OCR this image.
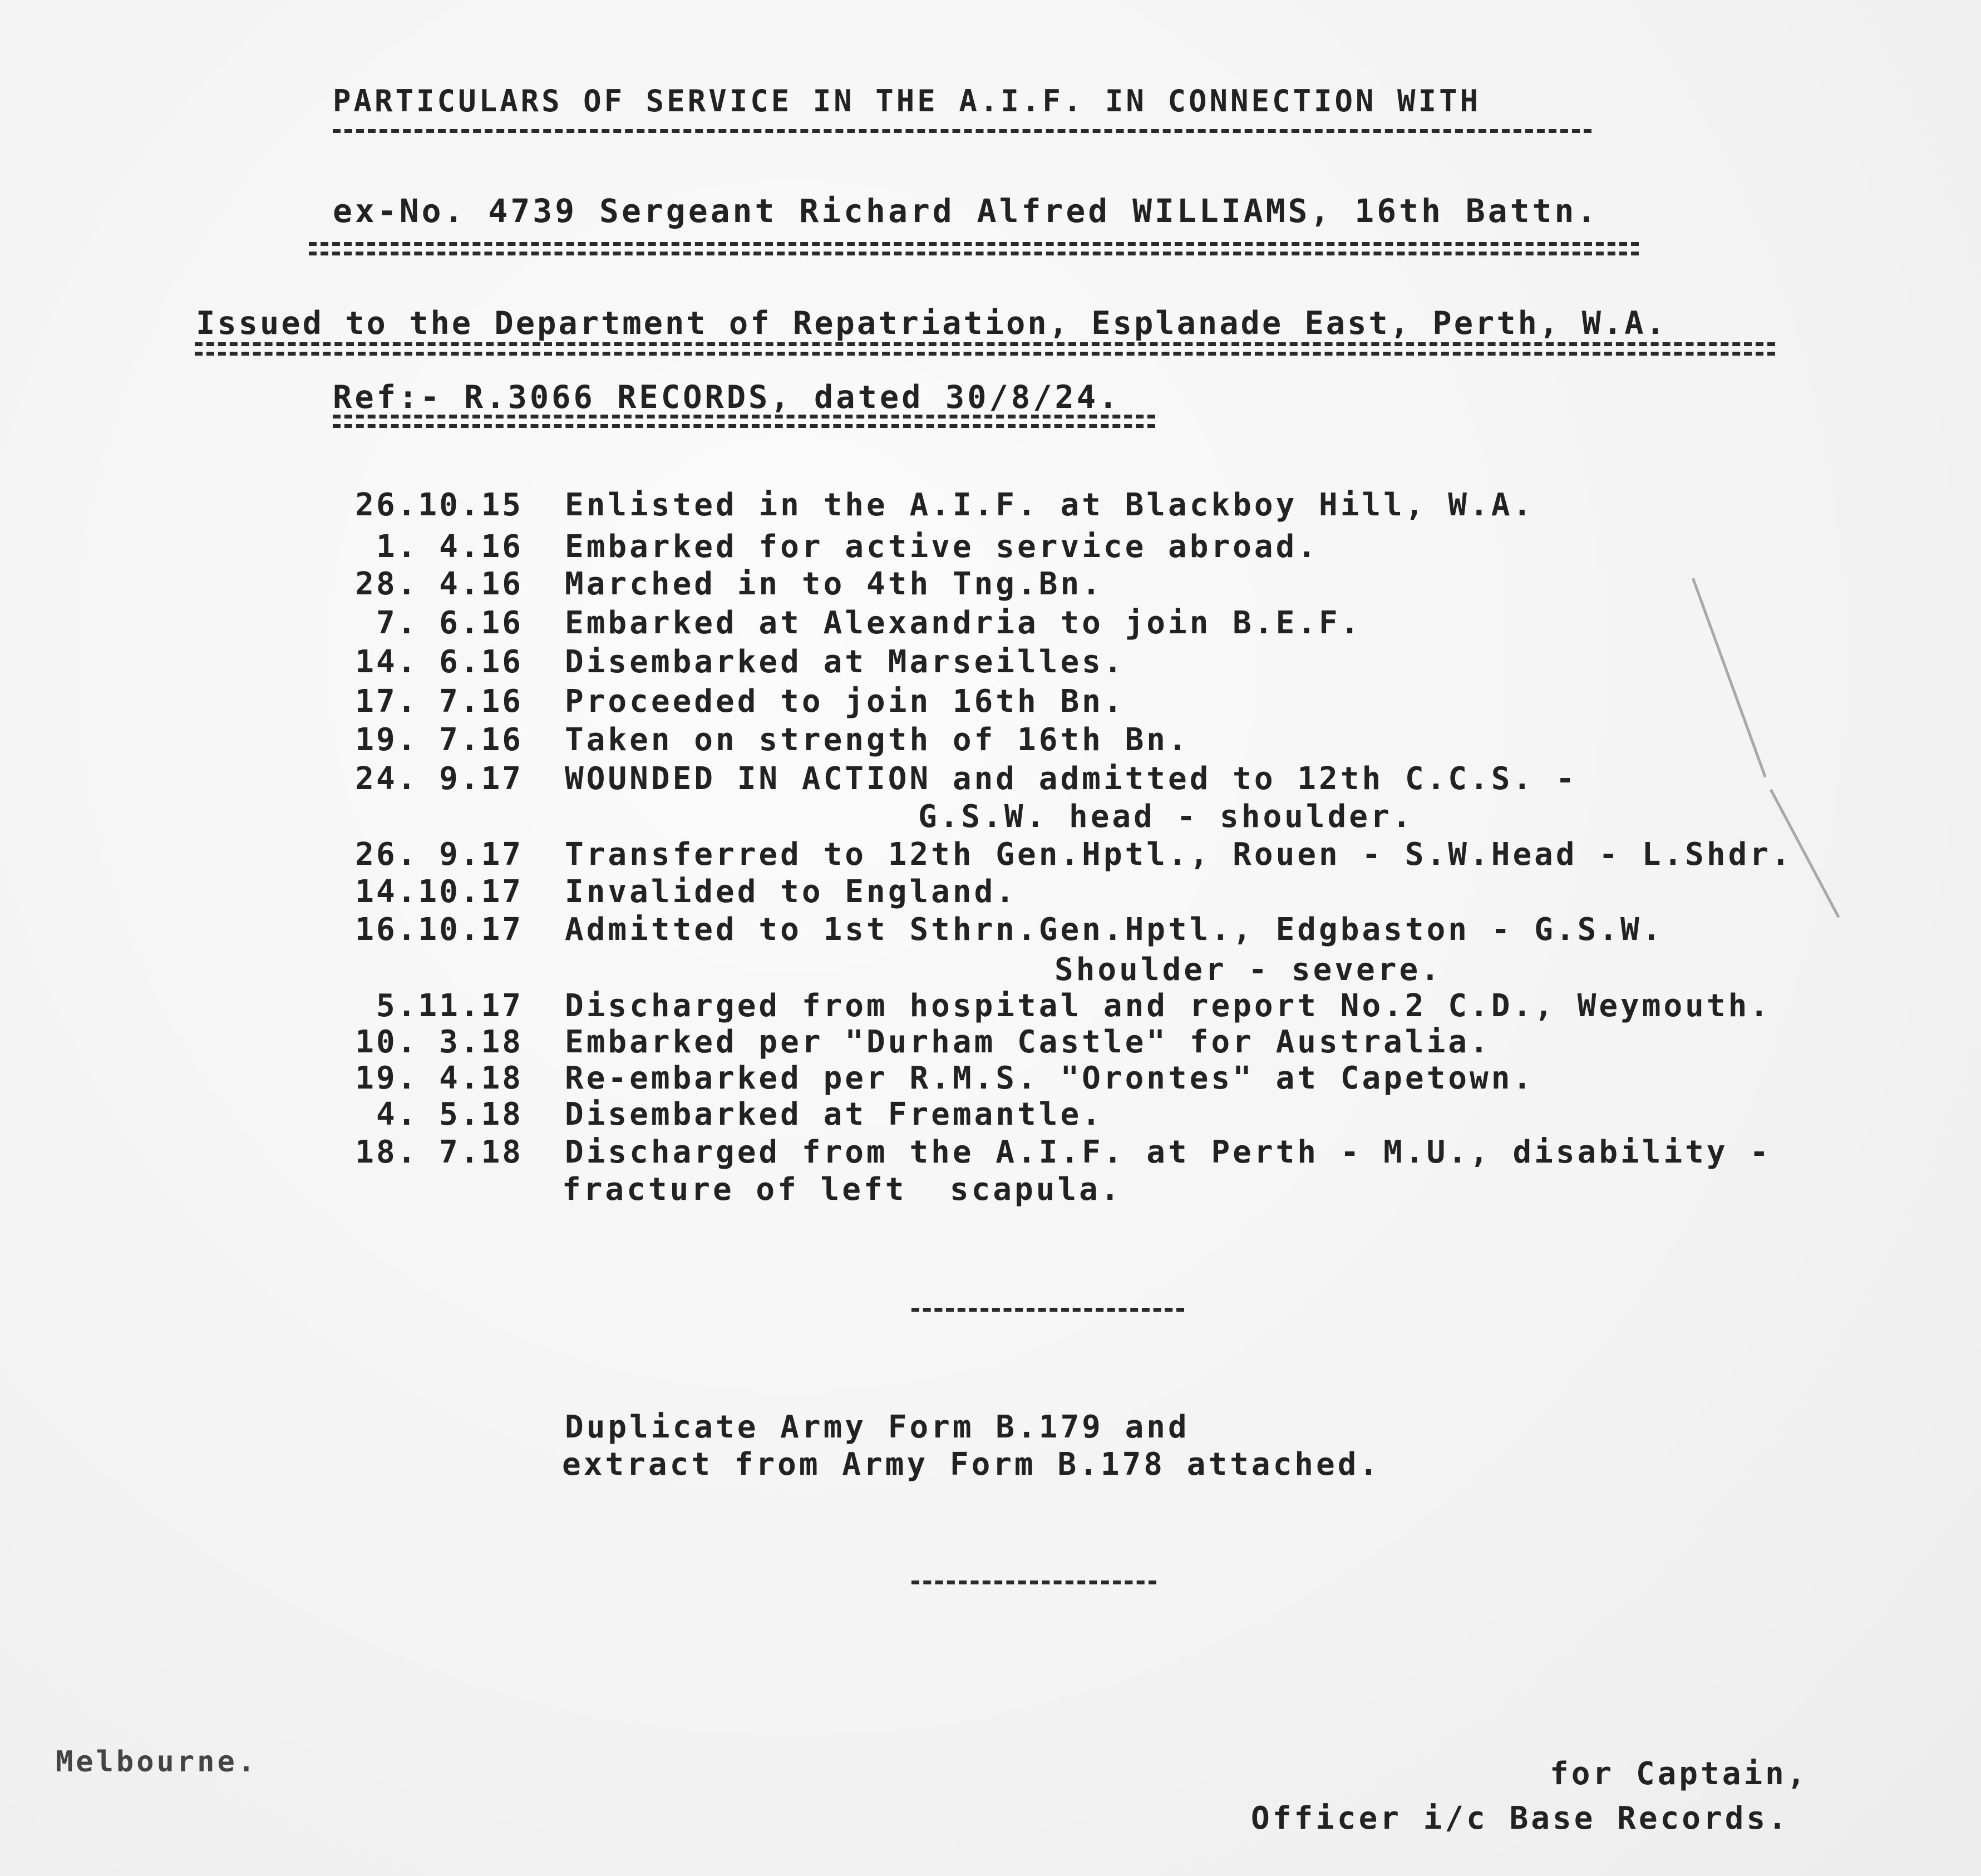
PARTICULARS OF SERVICE IN THE A.I.F. IN CONNECTION WITH
ex-No. 4739 Sergeant Richard Alfred WILLIAMS, 16th Battn.
Issued to the Department of Repatriation, Esplanade East, Perth, W.A.
Ref:- R.3066 RECORDS, dated 30/8/24.
26.10.15 Enlisted in the A.I.F. at Blackboy Hill, W.A.
1. 4.16 Embarked for active service abroad.
28. 4.16 Marched in to 4th Tng.Bn.
7. 6.16 Embarked at Alexandria to join B.E.F.
14. 6.16 Disembarked at Marseilles.
17. 7.16 Proceeded to join 16th Bn.
19. 7.16 Taken on strength of 16th Bn.
24. 9.17 WOUNDED IN ACTION and admitted to 12th C.C.S. -
G.S.W. head - shoulder.
26. 9.17 Transferred to 12th Gen.Hptl., Rouen - S.W.Head - L.Shdr.
14.10.17 Invalided to England.
16.10.17 Admitted to 1st Sthrn.Gen.Hptl., Edgbaston - G.S.W.
Shoulder - severe.
5.11.17 Discharged from hospital and report No.2 C.D., Weymouth.
10. 3.18 Embarked per "Durham Castle" for Australia.
19. 4.18 Re-embarked per R.M.S. "Orontes" at Capetown.
4. 5.18 Disembarked at Fremantle.
18. 7.18 Discharged from the A.I.F. at Perth - M.U., disability -
fracture of left  scapula.
Duplicate Army Form B.179 and
extract from Army Form B.178 attached.
Melbourne.	for Captain,
Officer i/c Base Records.
